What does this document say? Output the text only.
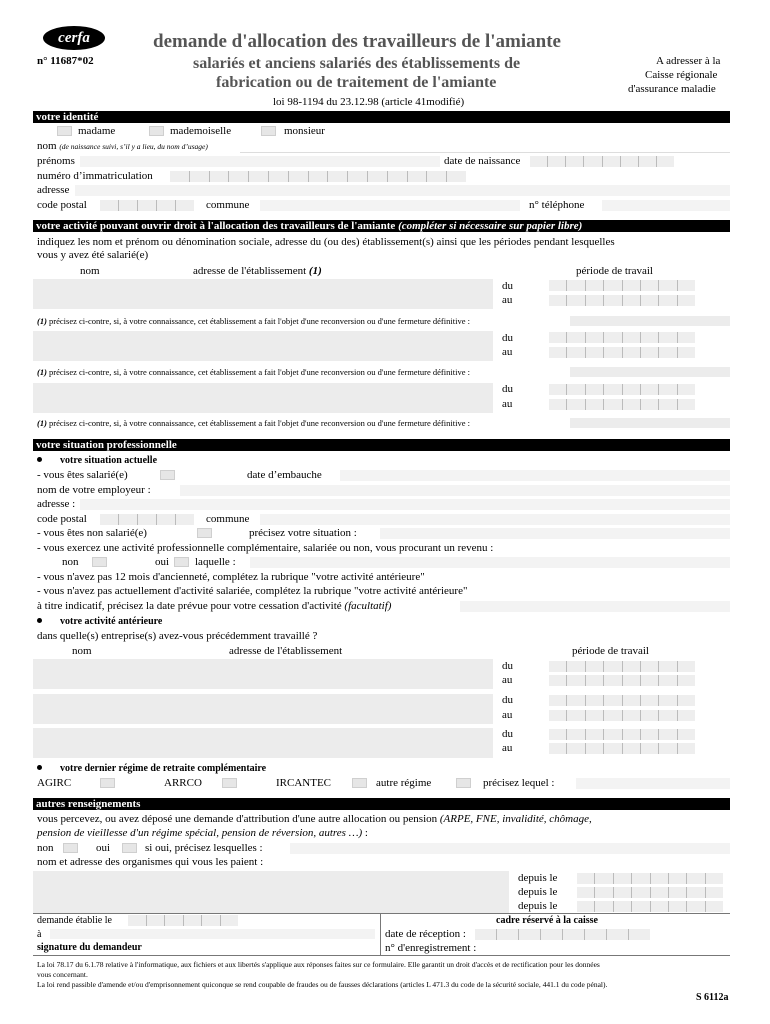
cerfa
n° 11687*02
demande d'allocation des travailleurs de l'amiante
salariés et anciens salariés des établissements de
fabrication ou de traitement de l'amiante
loi 98-1194 du 23.12.98 (article 41modifié)
A adresser à la
Caisse régionale
d'assurance maladie
votre identité
madame	mademoiselle	monsieur
nom (de naissance suivi, s’il y a lieu, du nom d’usage)
prénoms	date de naissance
numéro d’immatriculation
adresse
code postal	commune	n° téléphone
votre activité pouvant ouvrir droit à l'allocation des travailleurs de l'amiante (compléter si nécessaire sur papier libre)
indiquez les nom et prénom ou dénomination sociale, adresse du (ou des) établissement(s) ainsi que les périodes pendant lesquelles
vous y avez été salarié(e)
nom	adresse de l'établissement (1)	période de travail
du
au
(1) précisez ci-contre, si, à votre connaissance, cet établissement a fait l'objet d'une reconversion ou d'une fermeture définitive :
du
au
(1) précisez ci-contre, si, à votre connaissance, cet établissement a fait l'objet d'une reconversion ou d'une fermeture définitive :
du
au
(1) précisez ci-contre, si, à votre connaissance, cet établissement a fait l'objet d'une reconversion ou d'une fermeture définitive :
votre situation professionnelle
votre situation actuelle
- vous êtes salarié(e)	date d’embauche
nom de votre employeur :
adresse :
code postal	commune
- vous êtes non salarié(e)	précisez votre situation :
- vous exercez une activité professionnelle complémentaire, salariée ou non, vous procurant un revenu :
non	oui laquelle :
- vous n'avez pas 12 mois d'ancienneté, complétez la rubrique "votre activité antérieure"
- vous n'avez pas actuellement d'activité salariée, complétez la rubrique "votre activité antérieure"
à titre indicatif, précisez la date prévue pour votre cessation d'activité (facultatif)
votre activité antérieure
dans quelle(s) entreprise(s) avez-vous précédemment travaillé ?
nom	adresse de l'établissement	période de travail
du
au
du
au
du
au
votre dernier régime de retraite complémentaire
AGIRC	ARRCO	IRCANTEC	autre régime	précisez lequel :
autres renseignements
vous percevez, ou avez déposé une demande d'attribution d'une autre allocation ou pension (ARPE, FNE, invalidité, chômage,
pension de vieillesse d'un régime spécial, pension de réversion, autres …) :
non	oui	si oui, précisez lesquelles :
nom et adresse des organismes qui vous les paient :
depuis le
depuis le
depuis le
demande établie le
à
signature du demandeur
cadre réservé à la caisse
date de réception :
n° d'enregistrement :
La loi 78.17 du 6.1.78 relative à l'informatique, aux fichiers et aux libertés s'applique aux réponses faites sur ce formulaire. Elle garantit un droit d'accès et de rectification pour les données
vous concernant.
La loi rend passible d'amende et/ou d'emprisonnement quiconque se rend coupable de fraudes ou de fausses déclarations (articles L 471.3 du code de la sécurité sociale, 441.1 du code pénal).
S 6112a
